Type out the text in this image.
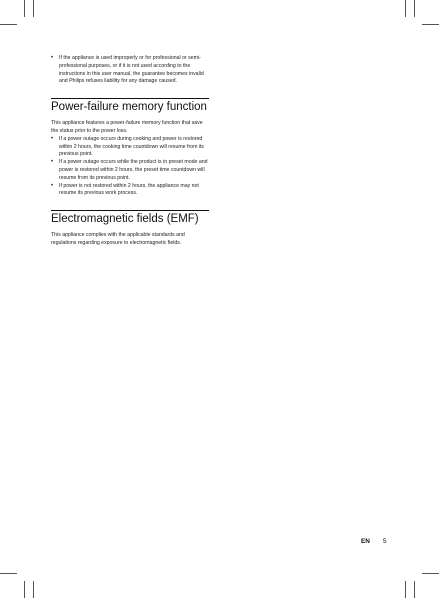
• If the appliance is used improperly or for professional or semi-professional purposes, or if it is not used according to the instructions in this user manual, the guarantee becomes invalid and Philips refuses liability for any damage caused.
Power-failure memory function

This appliance features a power-failure memory function that save the status prior to the power loss.

• If a power outage occurs during cooking and power is restored within 2 hours, the cooking time countdown will resume from its previous point.
• If a power outage occurs while the product is in preset mode and power is restored within 2 hours, the preset time countdown will resume from its previous point.
• If power is not restored within 2 hours, the appliance may not resume its previous work process.
Electromagnetic fields (EMF)

This appliance complies with the applicable standards and regulations regarding exposure to electromagnetic fields.

EN 5
